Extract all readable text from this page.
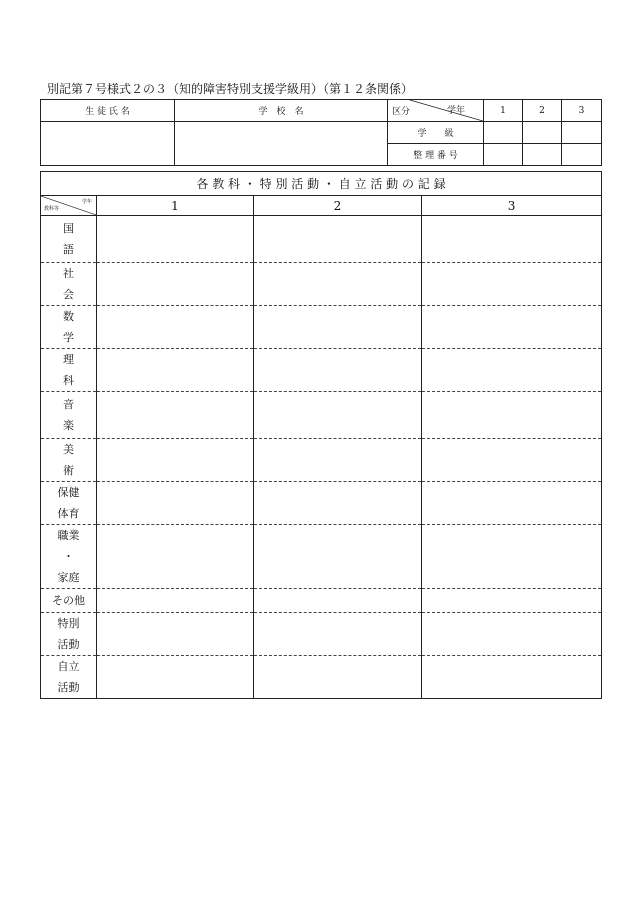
別記第７号様式２の３（知的障害特別支援学級用）（第１２条関係）
生 徒 氏 名	学　校　名	区分 学年	1	2	3
		学　　級			
		整 理 番 号			
各 教 科 ・ 特 別 活 動 ・ 自 立 活 動 の 記 録			

教科等
学年	1	2	3

国
語			

社
会			

数
学			

理
科			

音
楽			

美
術			

保健
体育			

職業
・
家庭			

その他			

特別
活動			

自立
活動			
